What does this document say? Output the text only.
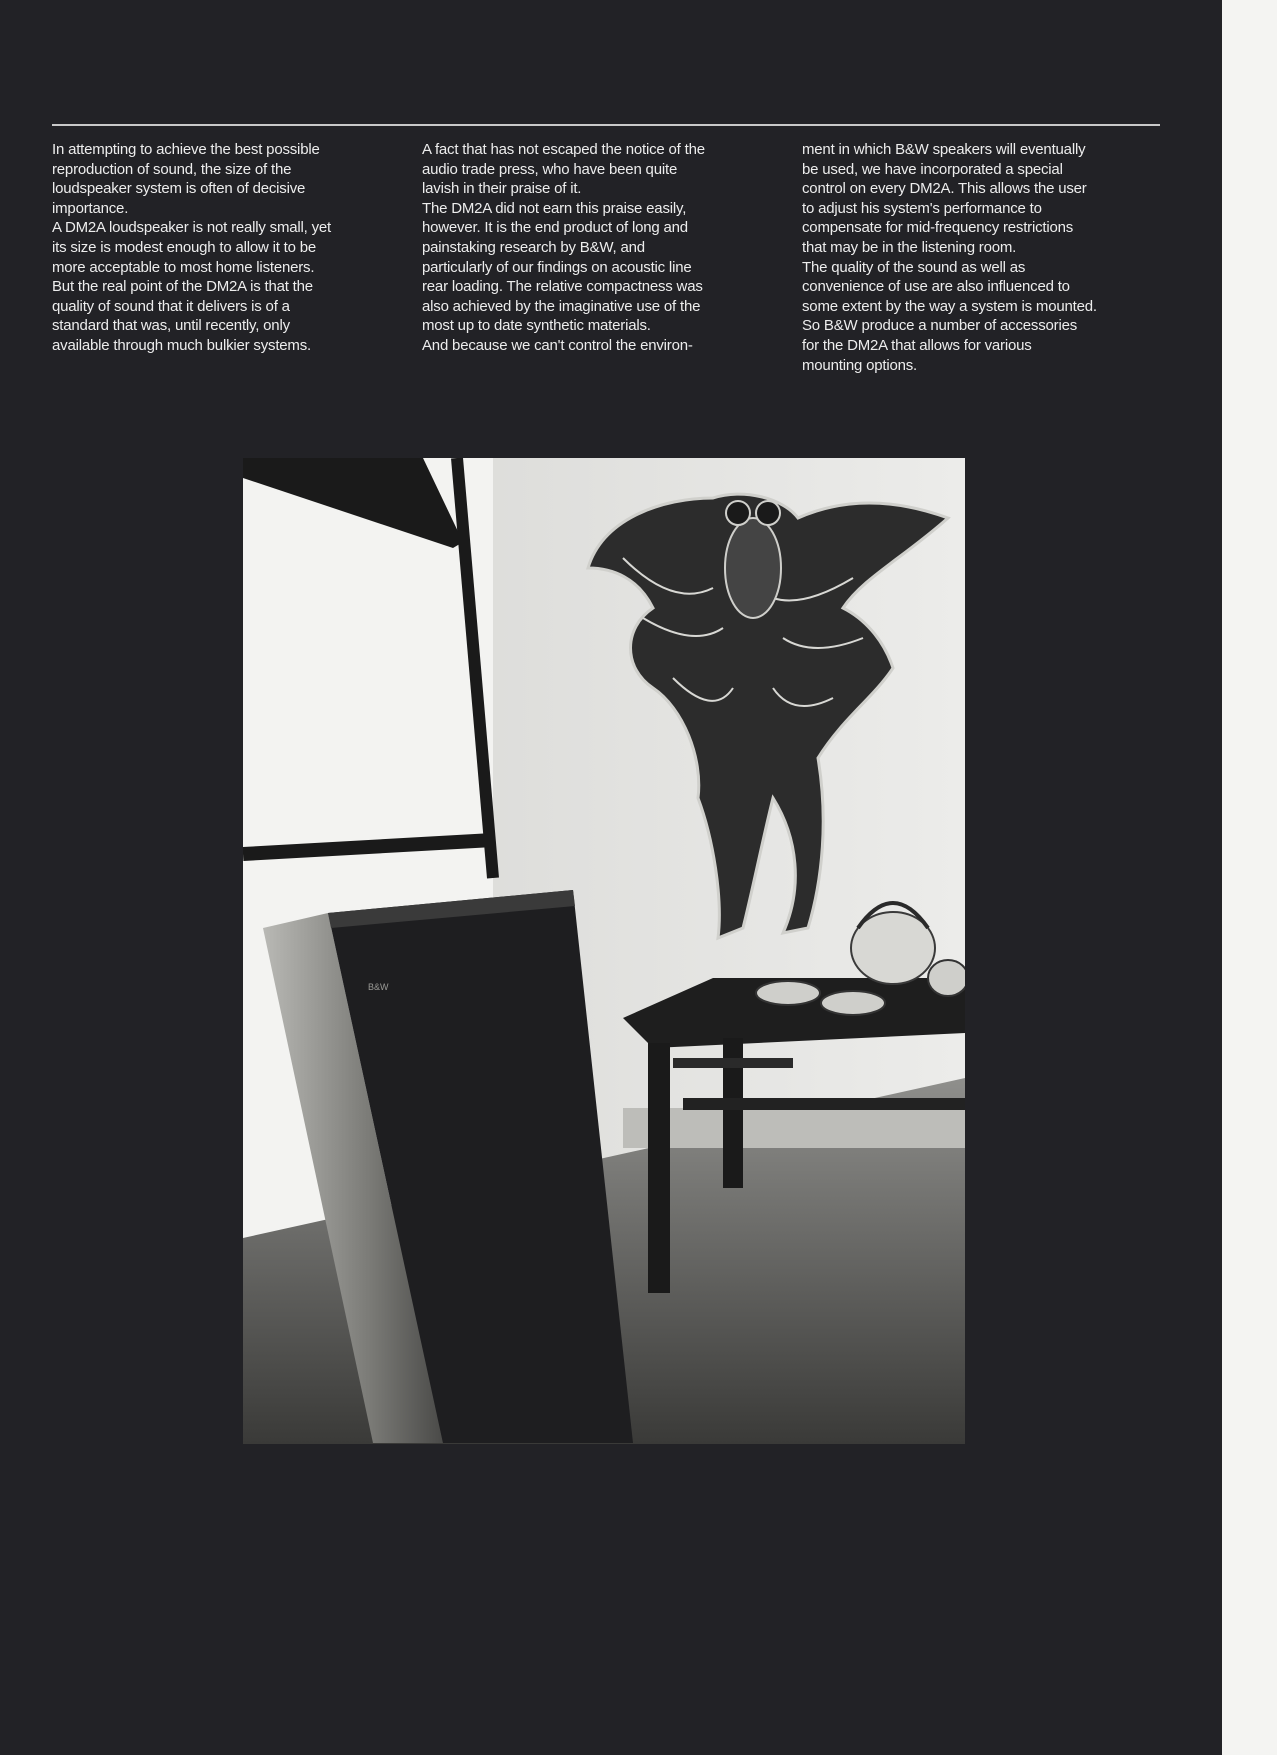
In attempting to achieve the best possible
reproduction of sound, the size of the
loudspeaker system is often of decisive
importance.
A DM2A loudspeaker is not really small, yet
its size is modest enough to allow it to be
more acceptable to most home listeners.
But the real point of the DM2A is that the
quality of sound that it delivers is of a
standard that was, until recently, only
available through much bulkier systems.
A fact that has not escaped the notice of the
audio trade press, who have been quite
lavish in their praise of it.
The DM2A did not earn this praise easily,
however. It is the end product of long and
painstaking research by B&W, and
particularly of our findings on acoustic line
rear loading. The relative compactness was
also achieved by the imaginative use of the
most up to date synthetic materials.
And because we can't control the environ-
ment in which B&W speakers will eventually
be used, we have incorporated a special
control on every DM2A. This allows the user
to adjust his system's performance to
compensate for mid-frequency restrictions
that may be in the listening room.
The quality of the sound as well as
convenience of use are also influenced to
some extent by the way a system is mounted.
So B&W produce a number of accessories
for the DM2A that allows for various
mounting options.
B&W
